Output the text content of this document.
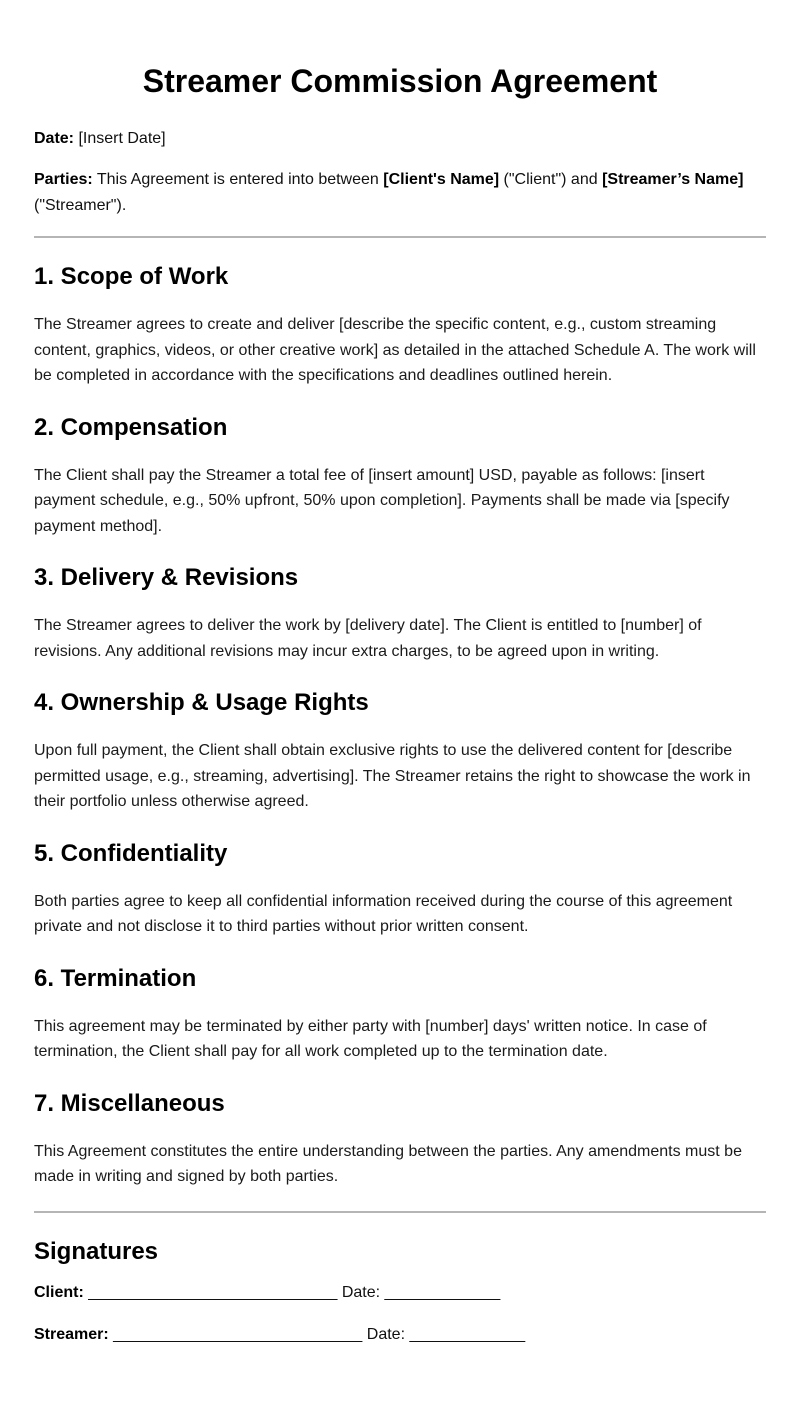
Streamer Commission Agreement

Date: [Insert Date]

Parties: This Agreement is entered into between [Client's Name] ("Client") and [Streamer’s Name] ("Streamer").

1. Scope of Work

The Streamer agrees to create and deliver [describe the specific content, e.g., custom streaming content, graphics, videos, or other creative work] as detailed in the attached Schedule A. The work will be completed in accordance with the specifications and deadlines outlined herein.

2. Compensation

The Client shall pay the Streamer a total fee of [insert amount] USD, payable as follows: [insert payment schedule, e.g., 50% upfront, 50% upon completion]. Payments shall be made via [specify payment method].

3. Delivery & Revisions

The Streamer agrees to deliver the work by [delivery date]. The Client is entitled to [number] of revisions. Any additional revisions may incur extra charges, to be agreed upon in writing.

4. Ownership & Usage Rights

Upon full payment, the Client shall obtain exclusive rights to use the delivered content for [describe permitted usage, e.g., streaming, advertising]. The Streamer retains the right to showcase the work in their portfolio unless otherwise agreed.

5. Confidentiality

Both parties agree to keep all confidential information received during the course of this agreement private and not disclose it to third parties without prior written consent.

6. Termination

This agreement may be terminated by either party with [number] days' written notice. In case of termination, the Client shall pay for all work completed up to the termination date.

7. Miscellaneous

This Agreement constitutes the entire understanding between the parties. Any amendments must be made in writing and signed by both parties.

Signatures

Client: ____________________________ Date: _____________

Streamer: ____________________________ Date: _____________
